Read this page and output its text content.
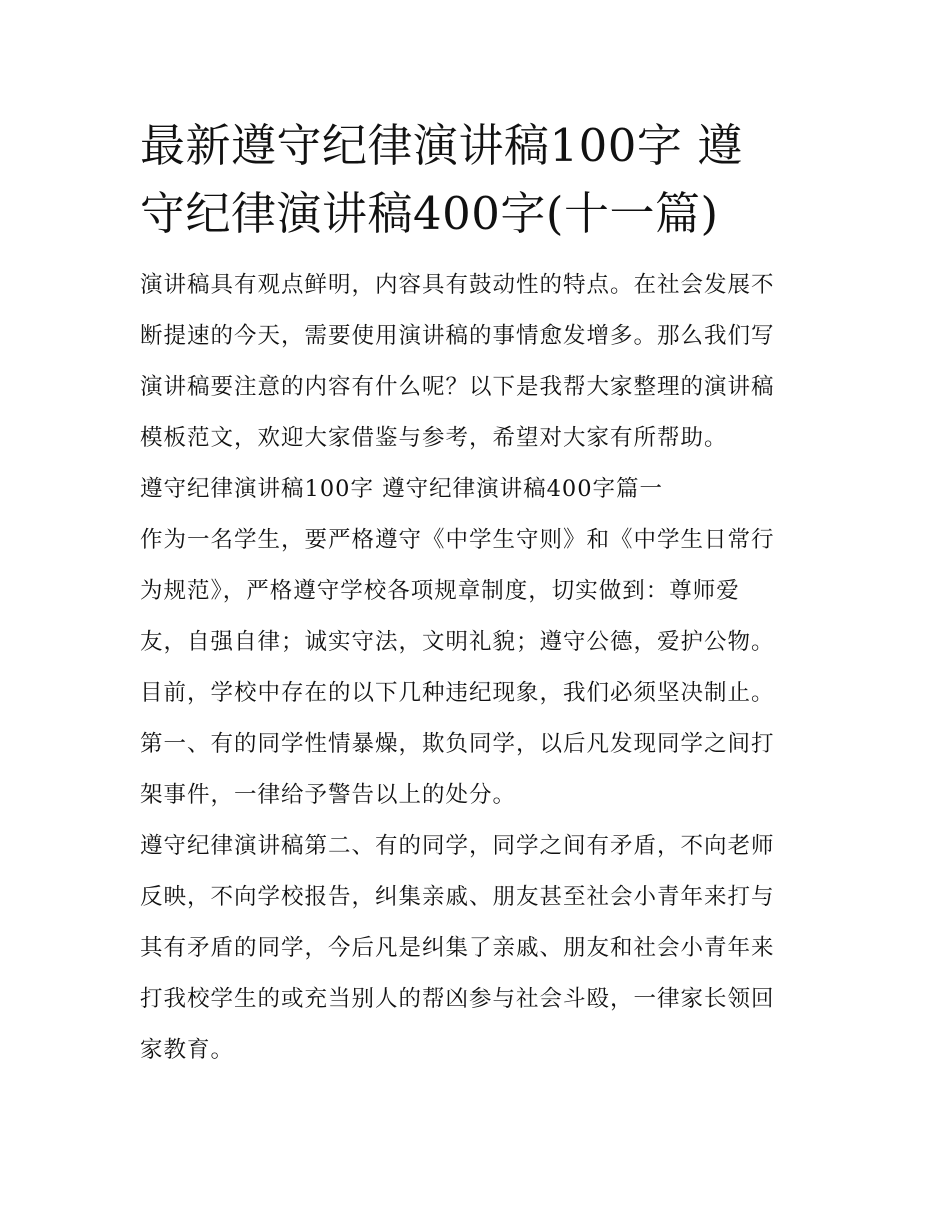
最新遵守纪律演讲稿100字 遵
守纪律演讲稿400字(十一篇)

演讲稿具有观点鲜明，内容具有鼓动性的特点。在社会发展不
断提速的今天，需要使用演讲稿的事情愈发增多。那么我们写
演讲稿要注意的内容有什么呢？以下是我帮大家整理的演讲稿
模板范文，欢迎大家借鉴与参考，希望对大家有所帮助。

遵守纪律演讲稿100字 遵守纪律演讲稿400字篇一

作为一名学生，要严格遵守《中学生守则》和《中学生日常行
为规范》，严格遵守学校各项规章制度，切实做到：尊师爱
友，自强自律；诚实守法，文明礼貌；遵守公德，爱护公物。

目前，学校中存在的以下几种违纪现象，我们必须坚决制止。

第一、有的同学性情暴燥，欺负同学，以后凡发现同学之间打
架事件，一律给予警告以上的处分。

遵守纪律演讲稿第二、有的同学，同学之间有矛盾，不向老师
反映，不向学校报告，纠集亲戚、朋友甚至社会小青年来打与
其有矛盾的同学，今后凡是纠集了亲戚、朋友和社会小青年来
打我校学生的或充当别人的帮凶参与社会斗殴，一律家长领回
家教育。
